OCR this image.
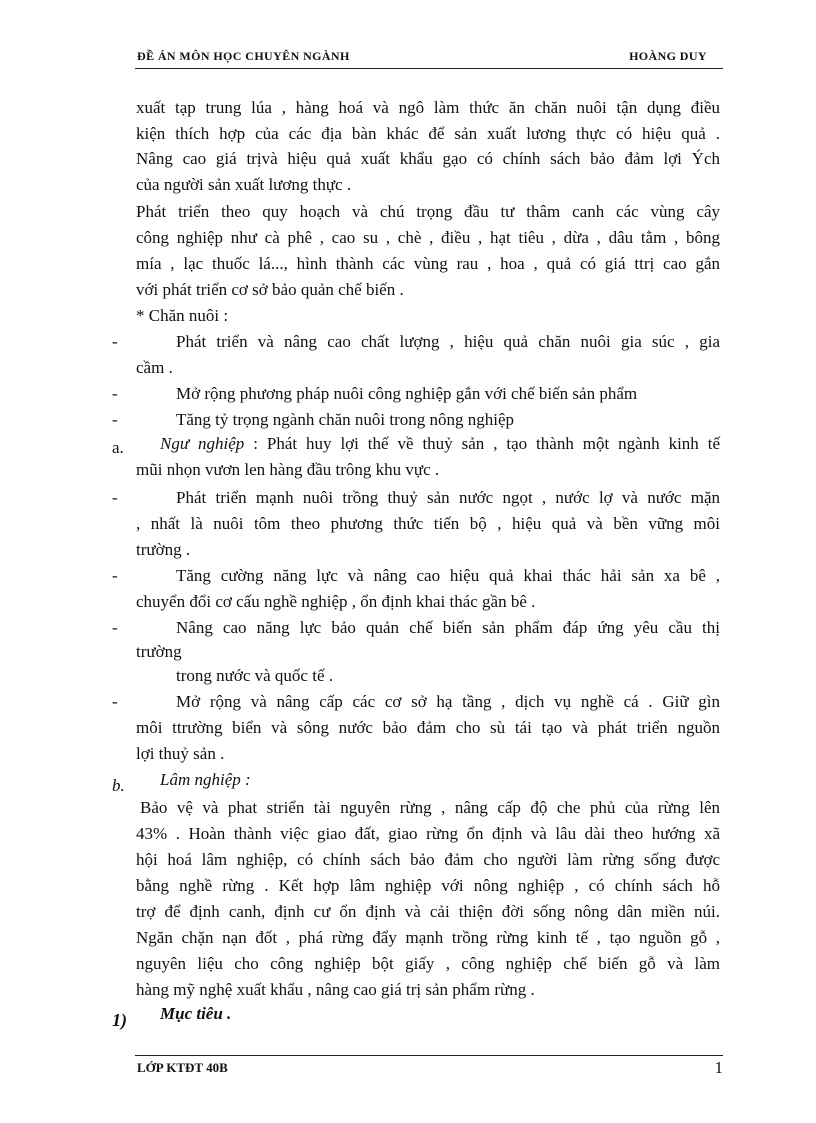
ĐỀ ÁN MÔN HỌC CHUYÊN NGÀNH	HOÀNG DUY
xuất tạp trung lúa , hàng hoá và ngô làm thức ăn chăn nuôi tận dụng điều
kiện thích hợp của các địa bàn khác để sản xuất lương thực có hiệu quả .
Nâng cao giá trịvà hiệu quả xuất khẩu gạo có chính sách bảo đảm lợi Ých
của người sản xuất lương thực .
Phát triển theo quy hoạch và chú trọng đầu tư thâm canh các vùng cây
công nghiệp như cà phê , cao su , chè , điều , hạt tiêu , dừa , dâu tằm , bông
mía , lạc thuốc lá..., hình thành các vùng rau , hoa , quả có giá ttrị cao gắn
với phát triển cơ sở bảo quản chế biến .
* Chăn nuôi :
-	Phát triển và nâng cao chất lượng , hiệu quả chăn nuôi gia súc , gia
cầm .
-	Mở rộng phương pháp nuôi công nghiệp gắn với chế biến sản phẩm
-	Tăng tỷ trọng ngành chăn nuôi trong nông nghiệp
a. Ngư nghiệp : Phát huy lợi thế về thuỷ sản , tạo thành một ngành kinh tế
mũi nhọn vươn len hàng đầu trông khu vực .
-	Phát triển mạnh nuôi trồng thuỷ sản nước ngọt , nước lợ và nước mặn
, nhất là nuôi tôm theo phương thức tiến bộ , hiệu quả và bền vững môi
trường .
-	Tăng cường năng lực và nâng cao hiệu quả khai thác hải sản xa bê ,
chuyển đổi cơ cấu nghề nghiệp , ổn định khai thác gần bê .
-	Nâng cao năng lực bảo quản chế biến sản phẩm đáp ứng yêu cầu thị
trường
trong nước và quốc tế .
-	Mở rộng và nâng cấp các cơ sở hạ tầng , dịch vụ nghề cá . Giữ gìn
môi ttrường biển và sông nước bảo đảm cho sù tái tạo và phát triển nguồn
lợi thuỷ sản .
b. Lâm nghiệp :
Bảo vệ và phat striển tài nguyên rừng , nâng cấp độ che phủ của rừng lên
43% . Hoàn thành việc giao đất, giao rừng ổn định và lâu dài theo hướng xã
hội hoá lâm nghiệp, có chính sách bảo đảm cho người làm rừng sống được
bằng nghề rừng . Kết hợp lâm nghiệp với nông nghiệp , có chính sách hỗ
trợ để định canh, định cư ổn định và cải thiện đời sống nông dân miền núi.
Ngăn chặn nạn đốt , phá rừng đẩy mạnh trồng rừng kinh tế , tạo nguồn gỗ ,
nguyên liệu cho công nghiệp bột giấy , công nghiệp chế biến gỗ và làm
hàng mỹ nghệ xuất khẩu , nâng cao giá trị sản phẩm rừng .
1) Mục tiêu .
LỚP KTĐT 40B	1
